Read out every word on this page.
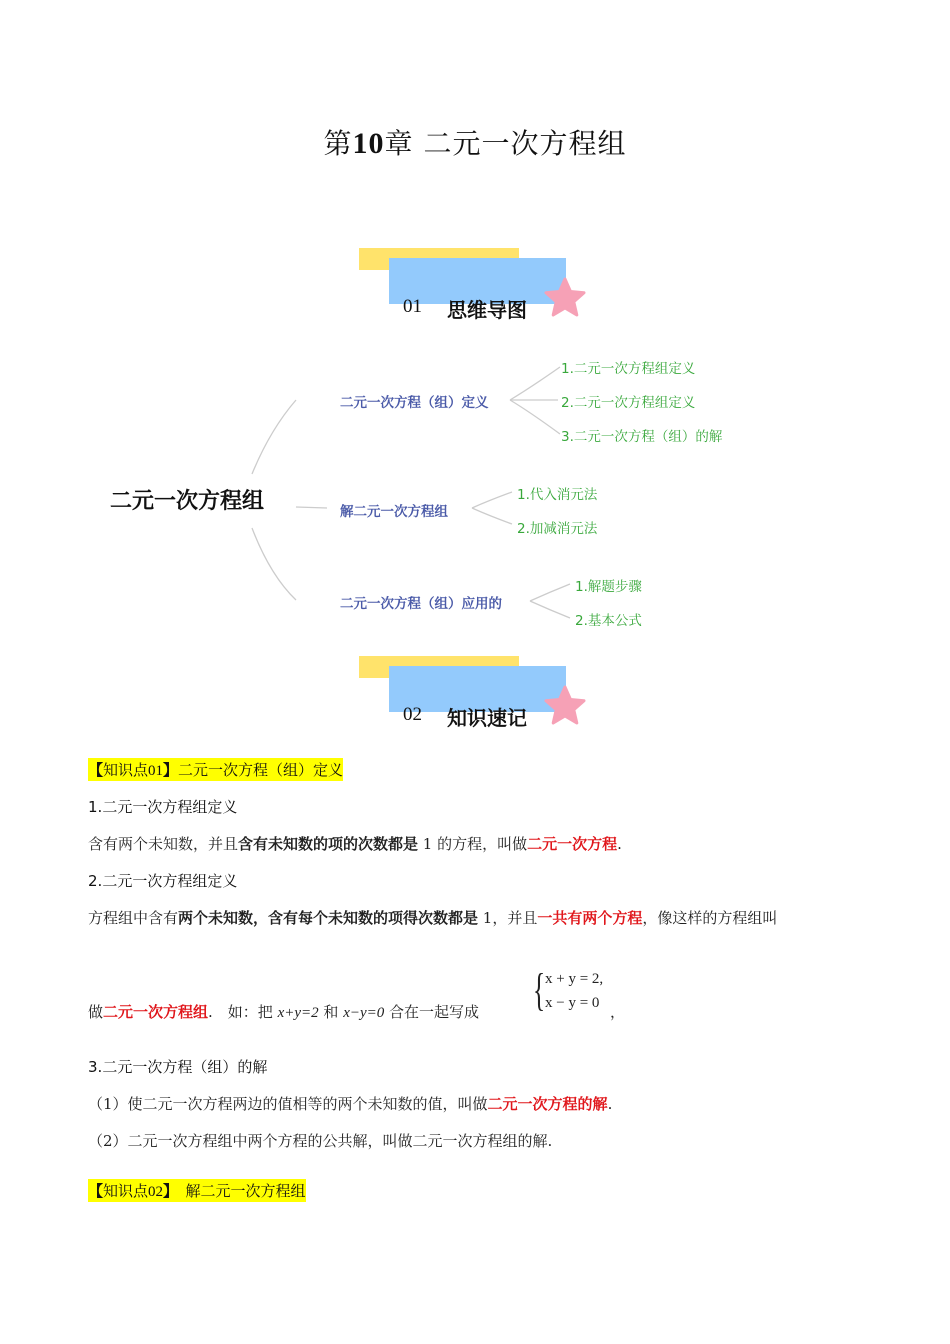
第10章 二元一次方程组
01 思维导图
二元一次方程组
二元一次方程（组）定义
1.二元一次方程组定义
2.二元一次方程组定义
3.二元一次方程（组）的解
解二元一次方程组
1.代入消元法
2.加减消元法
二元一次方程（组）应用的
1.解题步骤
2.基本公式
02 知识速记
【知识点01】二元一次方程（组）定义
1.二元一次方程组定义
含有两个未知数，并且含有未知数的项的次数都是 1 的方程，叫做二元一次方程.
2.二元一次方程组定义
方程组中含有两个未知数，含有每个未知数的项得次数都是 1，并且一共有两个方程，像这样的方程组叫
做二元一次方程组.　如：把 x+y=2 和 x−y=0 合在一起写成 { x + y = 2,
x − y = 0 ，
3.二元一次方程（组）的解
（1）使二元一次方程两边的值相等的两个未知数的值，叫做二元一次方程的解.
（2）二元一次方程组中两个方程的公共解，叫做二元一次方程组的解.
【知识点02】　解二元一次方程组
